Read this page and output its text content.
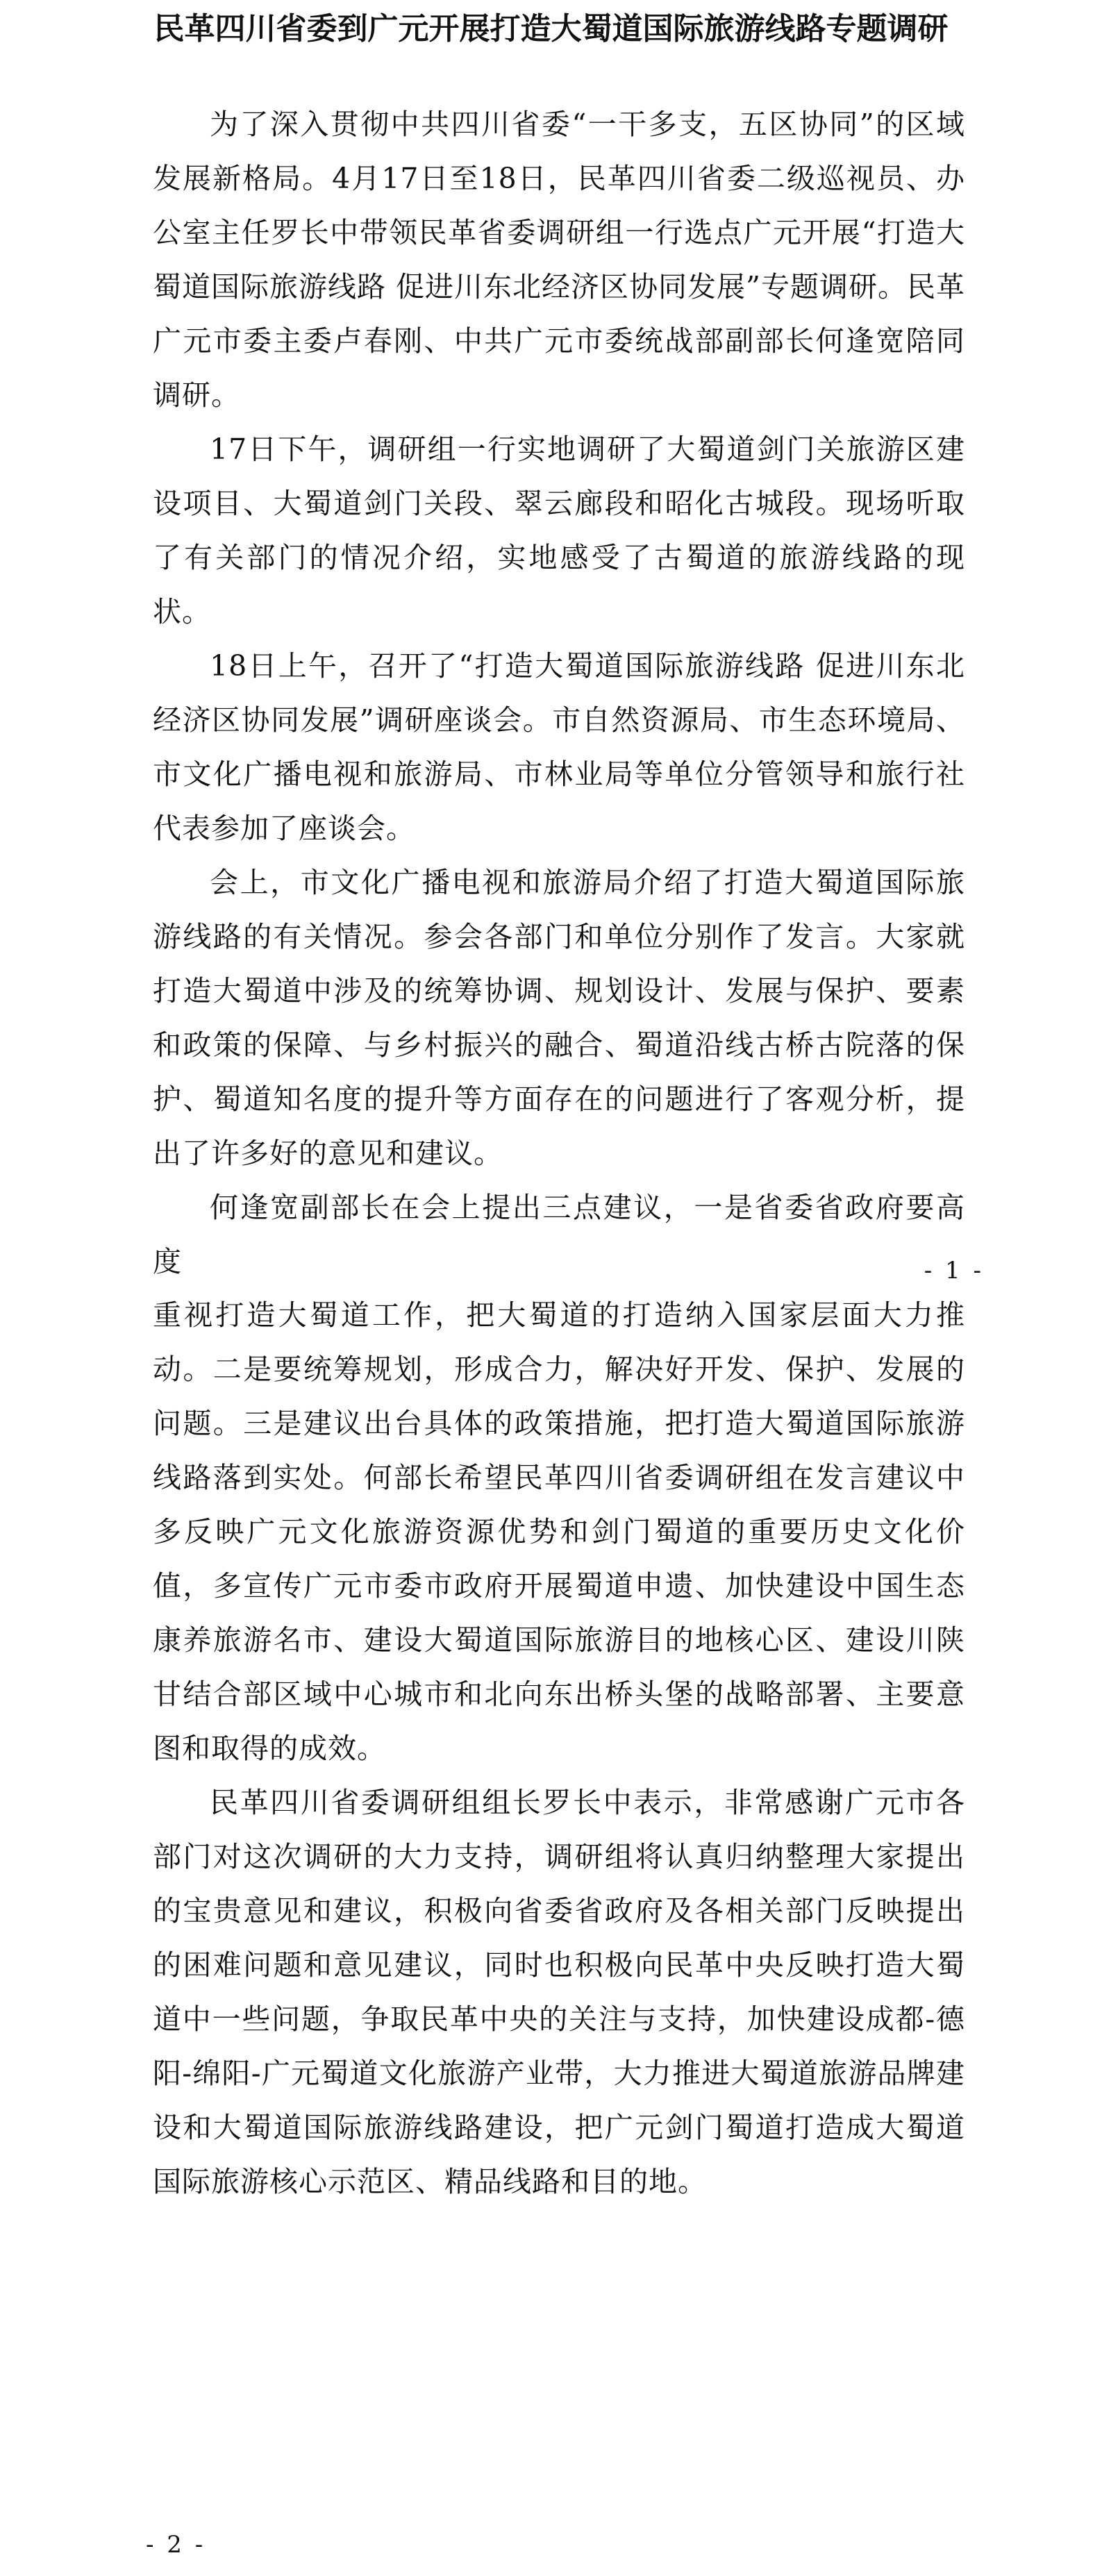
民革四川省委到广元开展打造大蜀道国际旅游线路专题调研

为了深入贯彻中共四川省委“一干多支，五区协同”的区域发展新格局。4月17日至18日，民革四川省委二级巡视员、办公室主任罗长中带领民革省委调研组一行选点广元开展“打造大蜀道国际旅游线路 促进川东北经济区协同发展”专题调研。民革广元市委主委卢春刚、中共广元市委统战部副部长何逢宽陪同调研。

17日下午，调研组一行实地调研了大蜀道剑门关旅游区建设项目、大蜀道剑门关段、翠云廊段和昭化古城段。现场听取了有关部门的情况介绍，实地感受了古蜀道的旅游线路的现状。

18日上午，召开了“打造大蜀道国际旅游线路 促进川东北经济区协同发展”调研座谈会。市自然资源局、市生态环境局、市文化广播电视和旅游局、市林业局等单位分管领导和旅行社代表参加了座谈会。

会上，市文化广播电视和旅游局介绍了打造大蜀道国际旅游线路的有关情况。参会各部门和单位分别作了发言。大家就打造大蜀道中涉及的统筹协调、规划设计、发展与保护、要素和政策的保障、与乡村振兴的融合、蜀道沿线古桥古院落的保护、蜀道知名度的提升等方面存在的问题进行了客观分析，提出了许多好的意见和建议。

何逢宽副部长在会上提出三点建议，一是省委省政府要高度	- 1 -

重视打造大蜀道工作，把大蜀道的打造纳入国家层面大力推动。二是要统筹规划，形成合力，解决好开发、保护、发展的问题。三是建议出台具体的政策措施，把打造大蜀道国际旅游线路落到实处。何部长希望民革四川省委调研组在发言建议中多反映广元文化旅游资源优势和剑门蜀道的重要历史文化价值，多宣传广元市委市政府开展蜀道申遗、加快建设中国生态康养旅游名市、建设大蜀道国际旅游目的地核心区、建设川陕甘结合部区域中心城市和北向东出桥头堡的战略部署、主要意图和取得的成效。

民革四川省委调研组组长罗长中表示，非常感谢广元市各部门对这次调研的大力支持，调研组将认真归纳整理大家提出的宝贵意见和建议，积极向省委省政府及各相关部门反映提出的困难问题和意见建议，同时也积极向民革中央反映打造大蜀道中一些问题，争取民革中央的关注与支持，加快建设成都-德阳-绵阳-广元蜀道文化旅游产业带，大力推进大蜀道旅游品牌建设和大蜀道国际旅游线路建设，把广元剑门蜀道打造成大蜀道国际旅游核心示范区、精品线路和目的地。

- 2 -
